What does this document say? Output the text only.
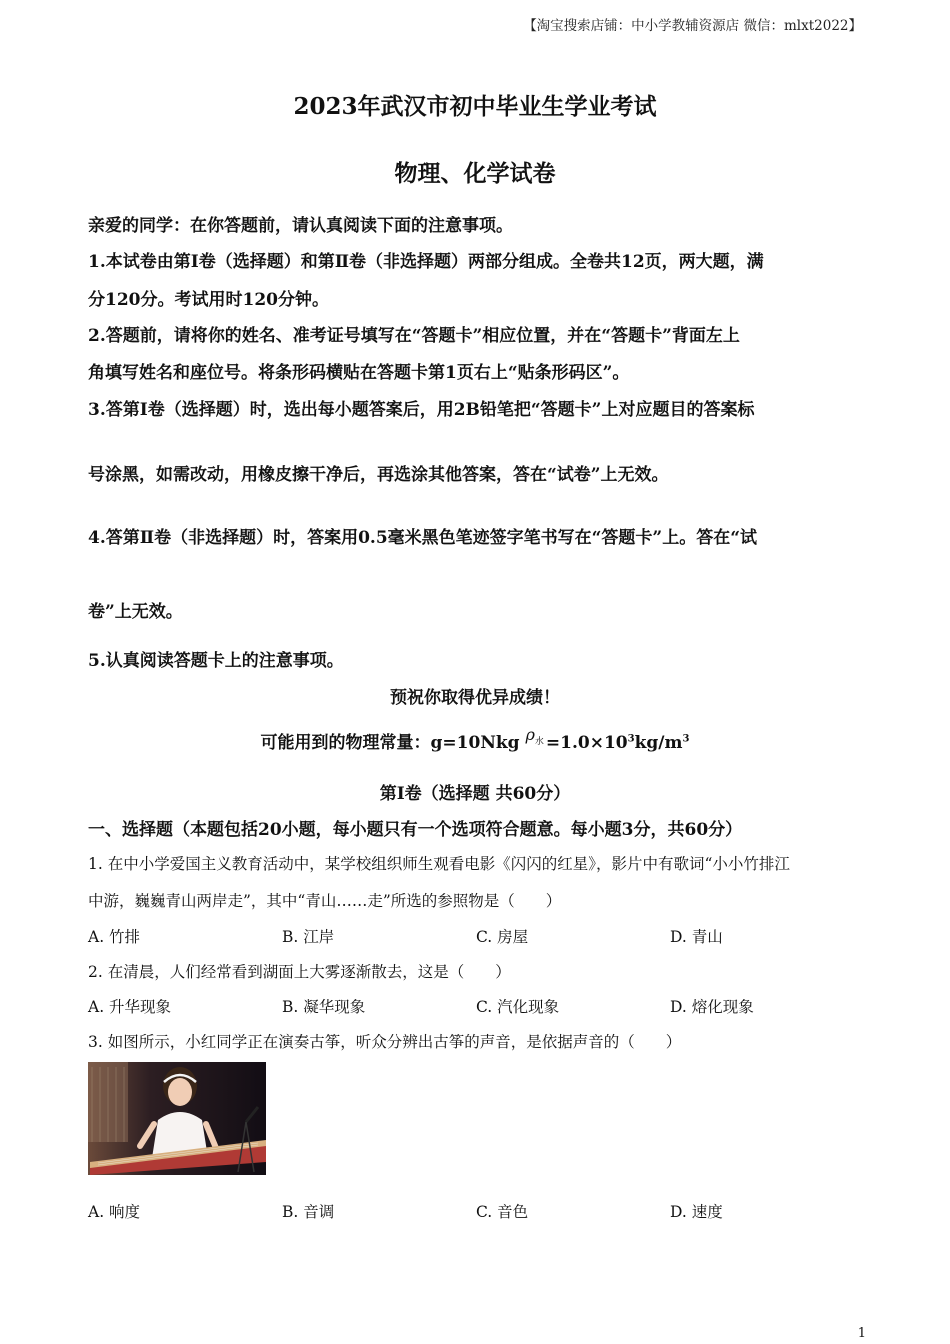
【淘宝搜索店铺：中小学教辅资源店 微信：mlxt2022】
2023年武汉市初中毕业生学业考试
物理、化学试卷
亲爱的同学：在你答题前，请认真阅读下面的注意事项。
1.本试卷由第Ⅰ卷（选择题）和第Ⅱ卷（非选择题）两部分组成。全卷共12页，两大题，满
分120分。考试用时120分钟。
2.答题前，请将你的姓名、准考证号填写在“答题卡”相应位置，并在“答题卡”背面左上
角填写姓名和座位号。将条形码横贴在答题卡第1页右上“贴条形码区”。
3.答第Ⅰ卷（选择题）时，选出每小题答案后，用2B铅笔把“答题卡”上对应题目的答案标
号涂黑，如需改动，用橡皮擦干净后，再选涂其他答案，答在“试卷”上无效。
4.答第Ⅱ卷（非选择题）时，答案用0.5毫米黑色笔迹签字笔书写在“答题卡”上。答在“试
卷”上无效。
5.认真阅读答题卡上的注意事项。
预祝你取得优异成绩！
可能用到的物理常量：g=10Nkg $\rho^水 =1.0\times 10^3kg/m^3$
第Ⅰ卷（选择题 共60分）
一、选择题（本题包括20小题，每小题只有一个选项符合题意。每小题3分，共60分）
1. 在中小学爱国主义教育活动中，某学校组织师生观看电影《闪闪的红星》，影片中有歌词“小小竹排江
中游，巍巍青山两岸走”，其中“青山……走”所选的参照物是（　　）
A. 竹排	B. 江岸	C. 房屋	D. 青山
2. 在清晨，人们经常看到湖面上大雾逐渐散去，这是（　　）
A. 升华现象	B. 凝华现象	C. 汽化现象	D. 熔化现象
3. 如图所示，小红同学正在演奏古筝，听众分辨出古筝的声音，是依据声音的（　　）
A. 响度	B. 音调	C. 音色	D. 速度
1
